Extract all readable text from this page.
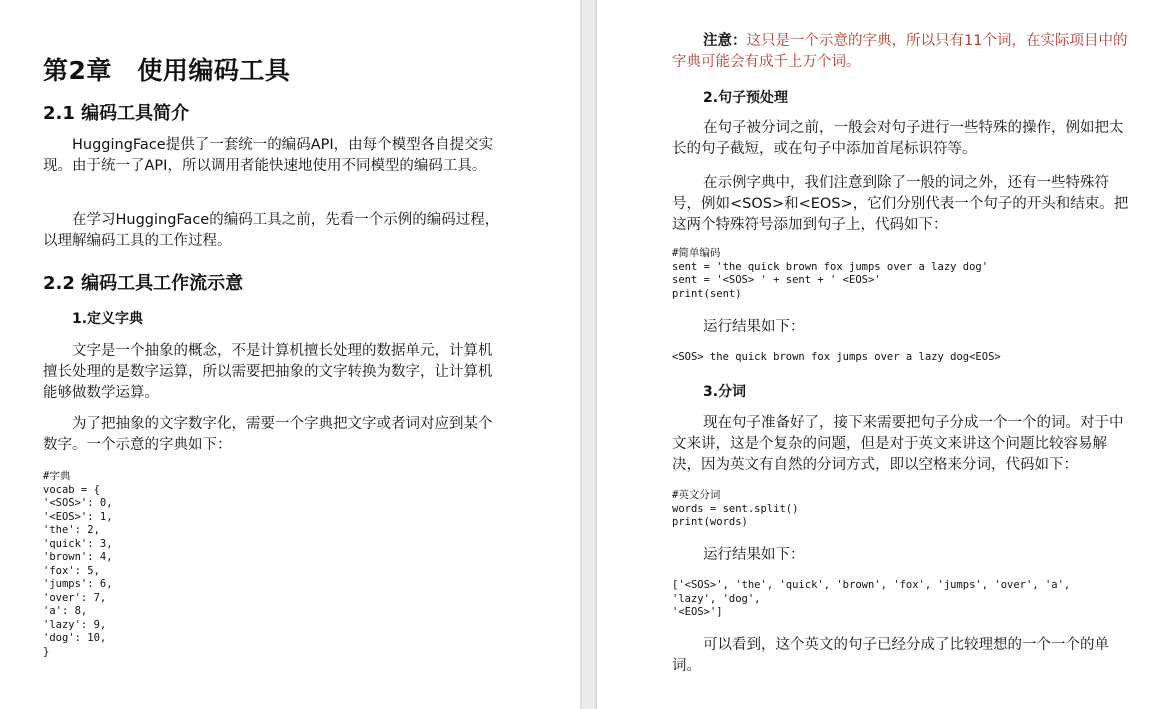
第2章　使用编码工具
2.1 编码工具简介
HuggingFace提供了一套统一的编码API，由每个模型各自提交实现。由于统一了API，所以调用者能快速地使用不同模型的编码工具。
在学习HuggingFace的编码工具之前，先看一个示例的编码过程，以理解编码工具的工作过程。
2.2 编码工具工作流示意
1.定义字典
文字是一个抽象的概念，不是计算机擅长处理的数据单元，计算机擅长处理的是数字运算，所以需要把抽象的文字转换为数字，让计算机能够做数学运算。
为了把抽象的文字数字化，需要一个字典把文字或者词对应到某个数字。一个示意的字典如下：
#字典
vocab = {
'<SOS>': 0,
'<EOS>': 1,
'the': 2,
'quick': 3,
'brown': 4,
'fox': 5,
'jumps': 6,
'over': 7,
'a': 8,
'lazy': 9,
'dog': 10,
}
注意：这只是一个示意的字典，所以只有11个词，在实际项目中的字典可能会有成千上万个词。
2.句子预处理
在句子被分词之前，一般会对句子进行一些特殊的操作，例如把太长的句子截短，或在句子中添加首尾标识符等。
在示例字典中，我们注意到除了一般的词之外，还有一些特殊符号，例如<SOS>和<EOS>，它们分别代表一个句子的开头和结束。把这两个特殊符号添加到句子上，代码如下：
#简单编码
sent = 'the quick brown fox jumps over a lazy dog'
sent = '<SOS> ' + sent + ' <EOS>'
print(sent)
运行结果如下：
<SOS> the quick brown fox jumps over a lazy dog<EOS>
3.分词
现在句子准备好了，接下来需要把句子分成一个一个的词。对于中文来讲，这是个复杂的问题，但是对于英文来讲这个问题比较容易解决，因为英文有自然的分词方式，即以空格来分词，代码如下：
#英文分词
words = sent.split()
print(words)
运行结果如下：
['<SOS>', 'the', 'quick', 'brown', 'fox', 'jumps', 'over', 'a',
'lazy', 'dog',
'<EOS>']
可以看到，这个英文的句子已经分成了比较理想的一个一个的单词。
